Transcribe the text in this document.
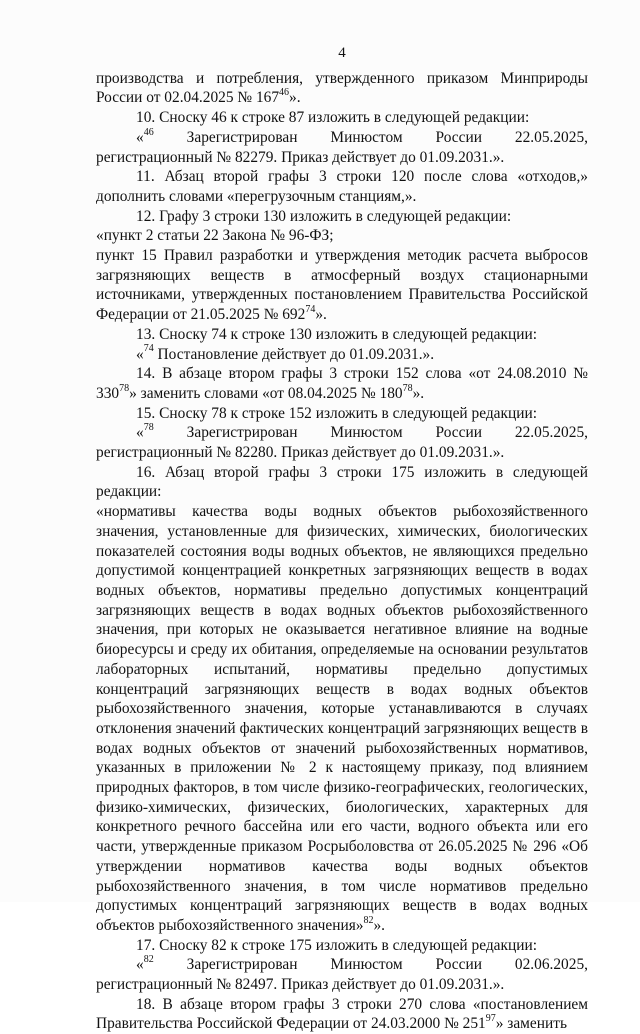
4

производства и потребления, утвержденного приказом Минприроды России от 02.04.2025 № $167^{46}$».

10. Сноску 46 к строке 87 изложить в следующей редакции:

«$^{46}$ Зарегистрирован Минюстом России 22.05.2025, регистрационный № 82279. Приказ действует до 01.09.2031.».

11. Абзац второй графы 3 строки 120 после слова «отходов,» дополнить словами «перегрузочным станциям,».

12. Графу 3 строки 130 изложить в следующей редакции:

«пункт 2 статьи 22 Закона № 96-ФЗ;

пункт 15 Правил разработки и утверждения методик расчета выбросов загрязняющих веществ в атмосферный воздух стационарными источниками, утвержденных постановлением Правительства Российской Федерации от 21.05.2025 № $692^{74}$».

13. Сноску 74 к строке 130 изложить в следующей редакции:

«$^{74}$ Постановление действует до 01.09.2031.».

14. В абзаце втором графы 3 строки 152 слова «от 24.08.2010 № $330^{78}$» заменить словами «от 08.04.2025 № $180^{78}$».

15. Сноску 78 к строке 152 изложить в следующей редакции:

«$^{78}$ Зарегистрирован Минюстом России 22.05.2025, регистрационный № 82280. Приказ действует до 01.09.2031.».

16. Абзац второй графы 3 строки 175 изложить в следующей редакции:

«нормативы качества воды водных объектов рыбохозяйственного значения, установленные для физических, химических, биологических показателей состояния воды водных объектов, не являющихся предельно допустимой концентрацией конкретных загрязняющих веществ в водах водных объектов, нормативы предельно допустимых концентраций загрязняющих веществ в водах водных объектов рыбохозяйственного значения, при которых не оказывается негативное влияние на водные биоресурсы и среду их обитания, определяемые на основании результатов лабораторных испытаний, нормативы предельно допустимых концентраций загрязняющих веществ в водах водных объектов рыбохозяйственного значения, которые устанавливаются в случаях отклонения значений фактических концентраций загрязняющих веществ в водах водных объектов от значений рыбохозяйственных нормативов, указанных в приложении № 2 к настоящему приказу, под влиянием природных факторов, в том числе физико-географических, геологических, физико-химических, физических, биологических, характерных для конкретного речного бассейна или его части, водного объекта или его части, утвержденные приказом Росрыболовства от 26.05.2025 № 296 «Об утверждении нормативов качества воды водных объектов рыбохозяйственного значения, в том числе нормативов предельно допустимых концентраций загрязняющих веществ в водах водных объектов рыбохозяйственного значения»$^{82}$».

17. Сноску 82 к строке 175 изложить в следующей редакции:

«$^{82}$ Зарегистрирован Минюстом России 02.06.2025, регистрационный № 82497. Приказ действует до 01.09.2031.».

18. В абзаце втором графы 3 строки 270 слова «постановлением Правительства Российской Федерации от 24.03.2000 № $251^{97}$» заменить
